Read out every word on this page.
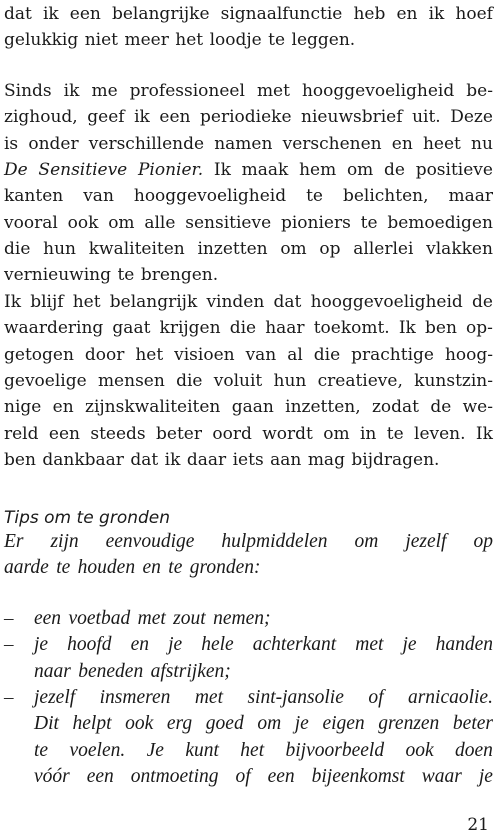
dat ik een belangrijke signaalfunctie heb en ik hoef
gelukkig niet meer het loodje te leggen.
Sinds ik me professioneel met hooggevoeligheid be-
zighoud, geef ik een periodieke nieuwsbrief uit. Deze
is onder verschillende namen verschenen en heet nu
De Sensitieve Pionier. Ik maak hem om de positieve
kanten van hooggevoeligheid te belichten, maar
vooral ook om alle sensitieve pioniers te bemoedigen
die hun kwaliteiten inzetten om op allerlei vlakken
vernieuwing te brengen.
Ik blijf het belangrijk vinden dat hooggevoeligheid de
waardering gaat krijgen die haar toekomt. Ik ben op-
getogen door het visioen van al die prachtige hoog-
gevoelige mensen die voluit hun creatieve, kunstzin-
nige en zijnskwaliteiten gaan inzetten, zodat de we-
reld een steeds beter oord wordt om in te leven. Ik
ben dankbaar dat ik daar iets aan mag bijdragen.
Tips om te gronden
Er zijn eenvoudige hulpmiddelen om jezelf op
aarde te houden en te gronden:
– een voetbad met zout nemen;
– je hoofd en je hele achterkant met je handen
naar beneden afstrijken;
– jezelf insmeren met sint-jansolie of arnicaolie.
Dit helpt ook erg goed om je eigen grenzen beter
te voelen. Je kunt het bijvoorbeeld ook doen
vóór een ontmoeting of een bijeenkomst waar je
21
